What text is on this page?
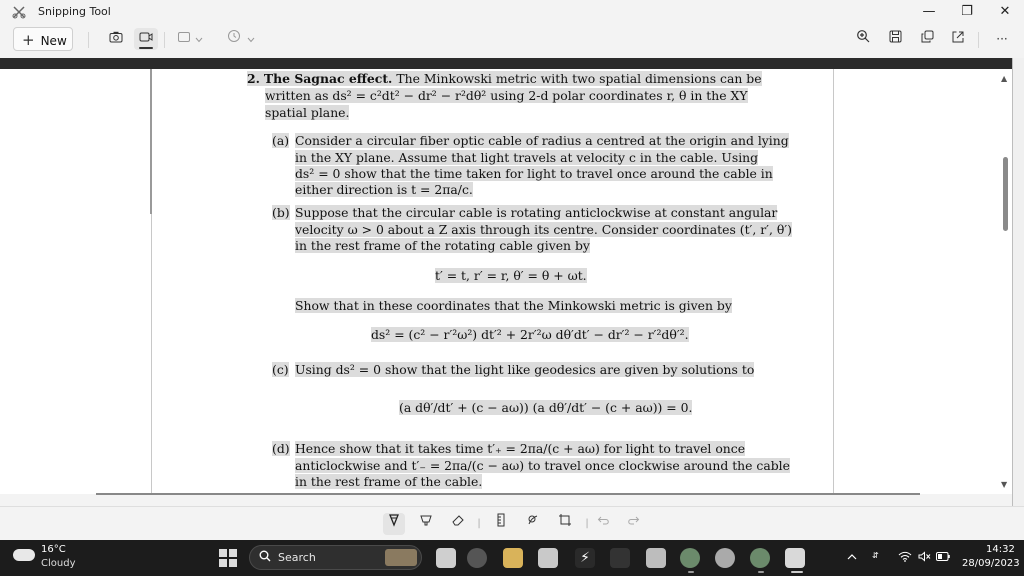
Snipping Tool	—	❐	✕
+ New	···
2. The Sagnac effect. The Minkowski metric with two spatial dimensions can be
written as ds² = c²dt² − dr² − r²dθ² using 2-d polar coordinates r, θ in the XY
spatial plane.
(a) Consider a circular fiber optic cable of radius a centred at the origin and lying
in the XY plane. Assume that light travels at velocity c in the cable. Using
ds² = 0 show that the time taken for light to travel once around the cable in
either direction is t = 2πa/c.
(b) Suppose that the circular cable is rotating anticlockwise at constant angular
velocity ω > 0 about a Z axis through its centre. Consider coordinates (t′, r′, θ′)
in the rest frame of the rotating cable given by
t′ = t, r′ = r, θ′ = θ + ωt.
Show that in these coordinates that the Minkowski metric is given by
ds² = (c² − r′²ω²) dt′² + 2r′²ω dθ′dt′ − dr′² − r′²dθ′².
(c) Using ds² = 0 show that the light like geodesics are given by solutions to
(a dθ′/dt′ + (c − aω)) (a dθ′/dt′ − (c + aω)) = 0.
(d) Hence show that it takes time t′₊ = 2πa/(c + aω) for light to travel once
anticlockwise and t′₋ = 2πa/(c − aω) to travel once clockwise around the cable
in the rest frame of the cable.
▲
▼
|	|
16°C
Cloudy	Search	⚡	⇵
14:32
28/09/2023
